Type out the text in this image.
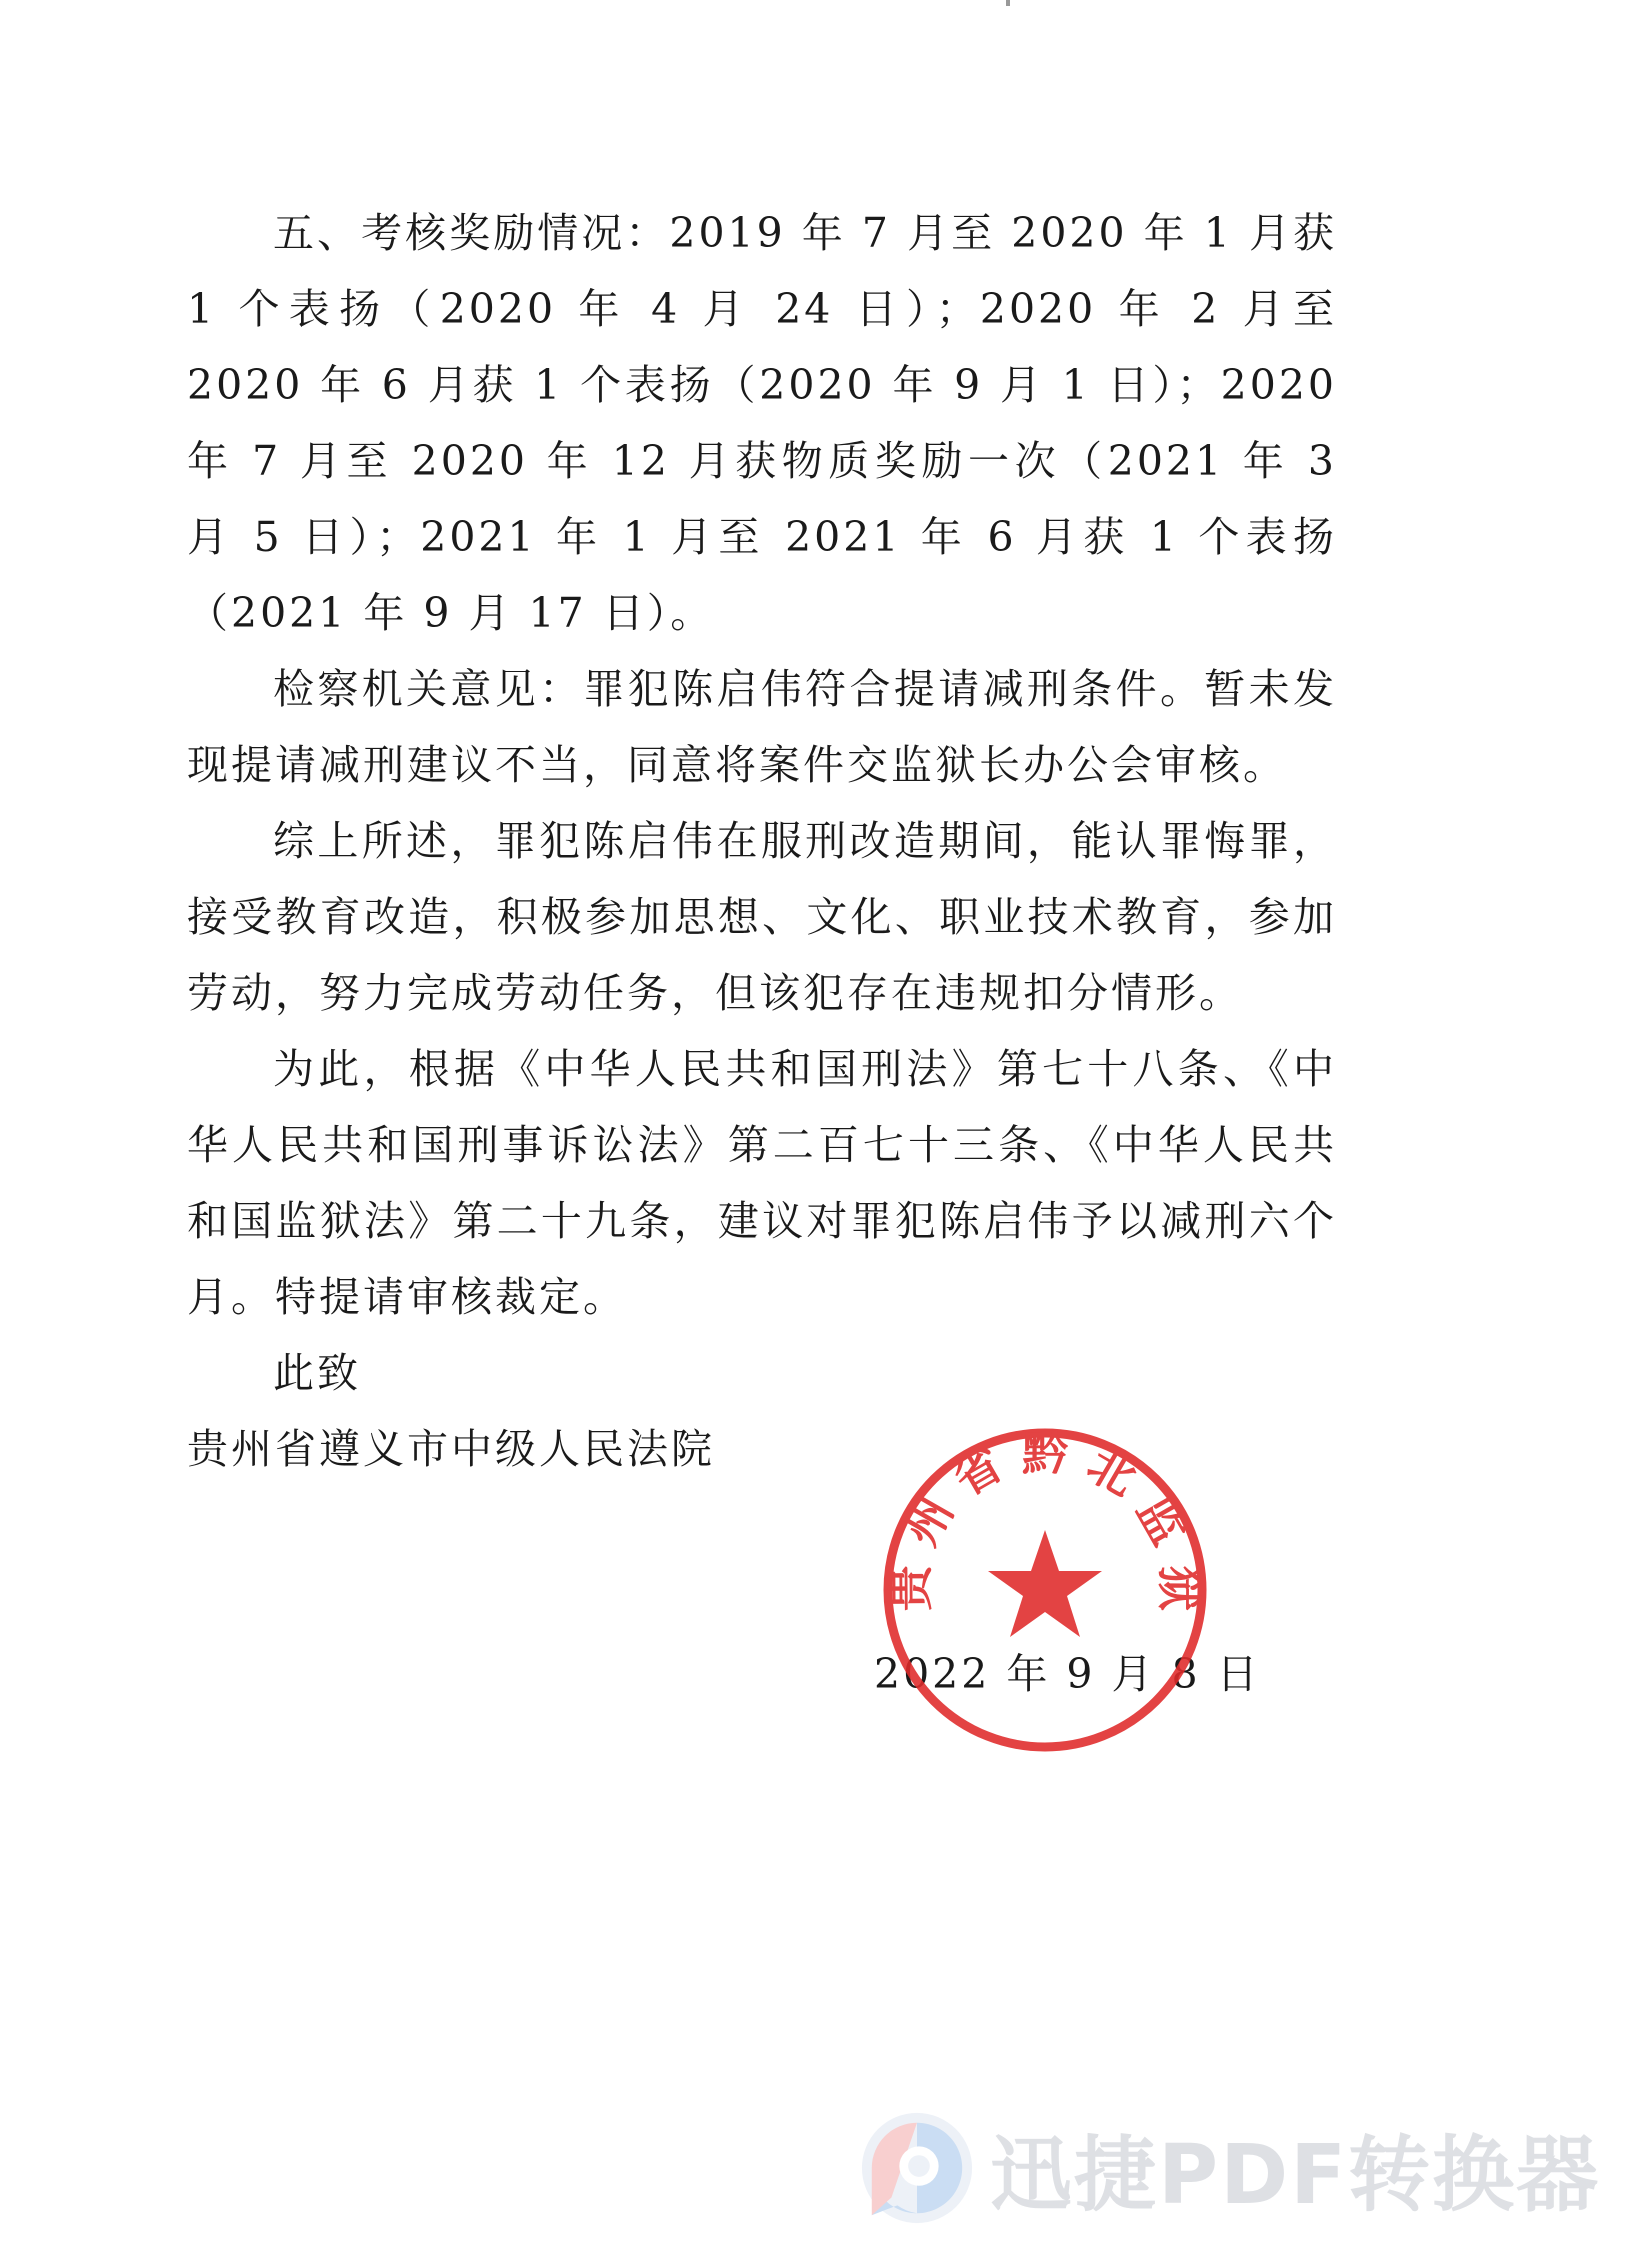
五、考核奖励情况：2019 年 7 月至 2020 年 1 月获 1 个表扬（2020 年 4 月 24 日）；2020 年 2 月至 2020 年 6 月获 1 个表扬（2020 年 9 月 1 日）；2020 年 7 月至 2020 年 12 月获物质奖励一次（2021 年 3 月 5 日）；2021 年 1 月至 2021 年 6 月获 1 个表扬（2021 年 9 月 17 日）。

检察机关意见：罪犯陈启伟符合提请减刑条件。暂未发现提请减刑建议不当，同意将案件交监狱长办公会审核。

综上所述，罪犯陈启伟在服刑改造期间，能认罪悔罪，接受教育改造，积极参加思想、文化、职业技术教育，参加劳动，努力完成劳动任务，但该犯存在违规扣分情形。

为此，根据《中华人民共和国刑法》第七十八条、《中华人民共和国刑事诉讼法》第二百七十三条、《中华人民共和国监狱法》第二十九条，建议对罪犯陈启伟予以减刑六个月。特提请审核裁定。

此致
贵州省遵义市中级人民法院
2022 年 9 月 8 日
贵 州 省 黔 北 监 狱
迅捷PDF转换器
